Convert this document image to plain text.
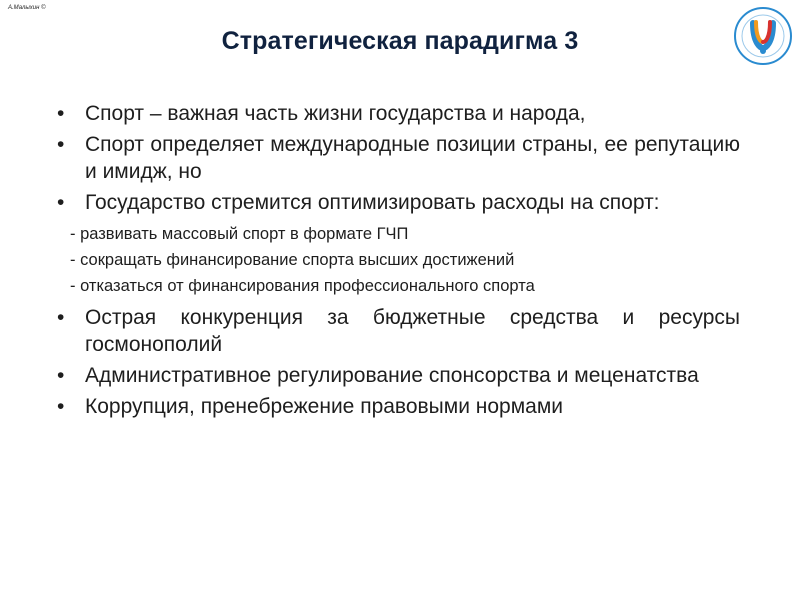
А.Малыхин ©
Стратегическая парадигма 3
• Спорт – важная часть жизни государства и народа,
• Спорт определяет международные позиции страны, ее репутацию и имидж, но
• Государство стремится оптимизировать расходы на спорт:
- развивать массовый спорт в формате ГЧП
- сокращать финансирование спорта высших достижений
- отказаться от финансирования профессионального спорта
• Острая конкуренция за бюджетные средства и ресурсы госмонополий
• Административное регулирование спонсорства и меценатства
• Коррупция, пренебрежение правовыми нормами
